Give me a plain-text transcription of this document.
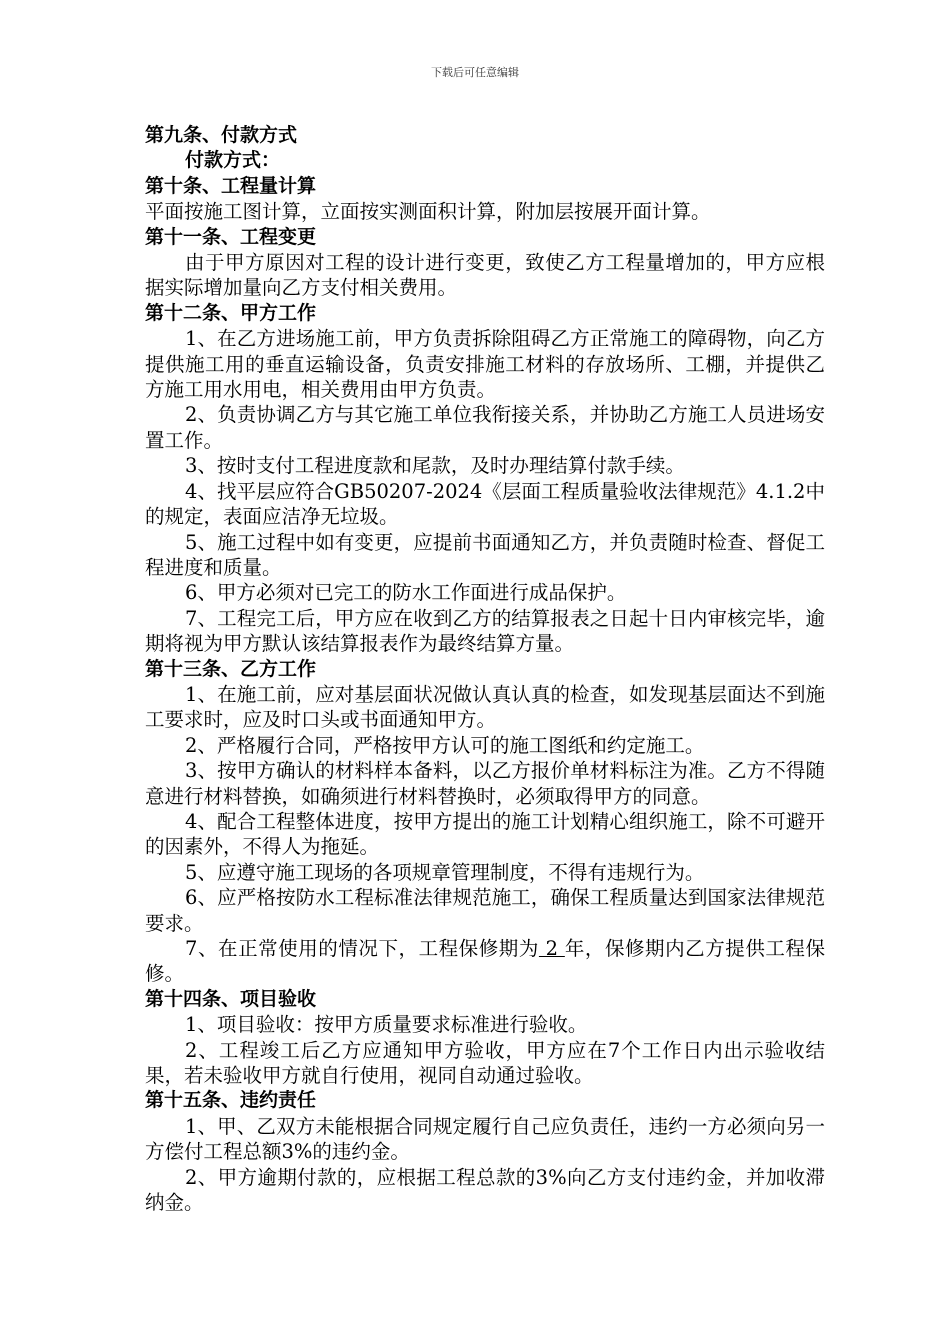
下载后可任意编辑

第九条、付款方式

付款方式：

第十条、工程量计算

平面按施工图计算，立面按实测面积计算，附加层按展开面计算。

第十一条、工程变更

由于甲方原因对工程的设计进行变更，致使乙方工程量增加的，甲方应根据实际增加量向乙方支付相关费用。

第十二条、甲方工作

1、在乙方进场施工前，甲方负责拆除阻碍乙方正常施工的障碍物，向乙方提供施工用的垂直运输设备，负责安排施工材料的存放场所、工棚，并提供乙方施工用水用电，相关费用由甲方负责。

2、负责协调乙方与其它施工单位我衔接关系，并协助乙方施工人员进场安置工作。

3、按时支付工程进度款和尾款，及时办理结算付款手续。

4、找平层应符合GB50207-2024《层面工程质量验收法律规范》4.1.2中的规定，表面应洁净无垃圾。

5、施工过程中如有变更，应提前书面通知乙方，并负责随时检查、督促工程进度和质量。

6、甲方必须对已完工的防水工作面进行成品保护。

7、工程完工后，甲方应在收到乙方的结算报表之日起十日内审核完毕，逾期将视为甲方默认该结算报表作为最终结算方量。

第十三条、乙方工作

1、在施工前，应对基层面状况做认真认真的检查，如发现基层面达不到施工要求时，应及时口头或书面通知甲方。

2、严格履行合同，严格按甲方认可的施工图纸和约定施工。

3、按甲方确认的材料样本备料，以乙方报价单材料标注为准。乙方不得随意进行材料替换，如确须进行材料替换时，必须取得甲方的同意。

4、配合工程整体进度，按甲方提出的施工计划精心组织施工，除不可避开的因素外，不得人为拖延。

5、应遵守施工现场的各项规章管理制度，不得有违规行为。

6、应严格按防水工程标准法律规范施工，确保工程质量达到国家法律规范要求。

7、在正常使用的情况下，工程保修期为 2 年，保修期内乙方提供工程保修。

第十四条、项目验收

1、项目验收：按甲方质量要求标准进行验收。

2、工程竣工后乙方应通知甲方验收，甲方应在7个工作日内出示验收结果，若未验收甲方就自行使用，视同自动通过验收。

第十五条、违约责任

1、甲、乙双方未能根据合同规定履行自己应负责任，违约一方必须向另一方偿付工程总额3%的违约金。

2、甲方逾期付款的，应根据工程总款的3%向乙方支付违约金，并加收滞纳金。
